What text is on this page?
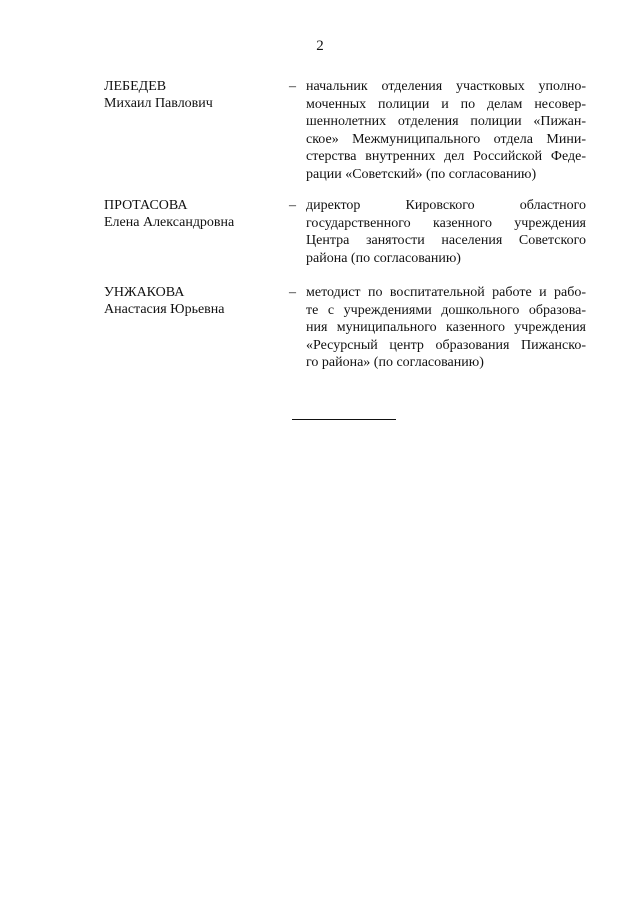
2
ЛЕБЕДЕВ
Михаил Павлович
– начальник отделения участковых уполно-
моченных полиции и по делам несовер-
шеннолетних отделения полиции «Пижан-
ское» Межмуниципального отдела Мини-
стерства внутренних дел Российской Феде-
рации «Советский» (по согласованию)
ПРОТАСОВА
Елена Александровна
– директор Кировского областного
государственного казенного учреждения
Центра занятости населения Советского
района (по согласованию)
УНЖАКОВА
Анастасия Юрьевна
– методист по воспитательной работе и рабо-
те с учреждениями дошкольного образова-
ния муниципального казенного учреждения
«Ресурсный центр образования Пижанско-
го района» (по согласованию)
